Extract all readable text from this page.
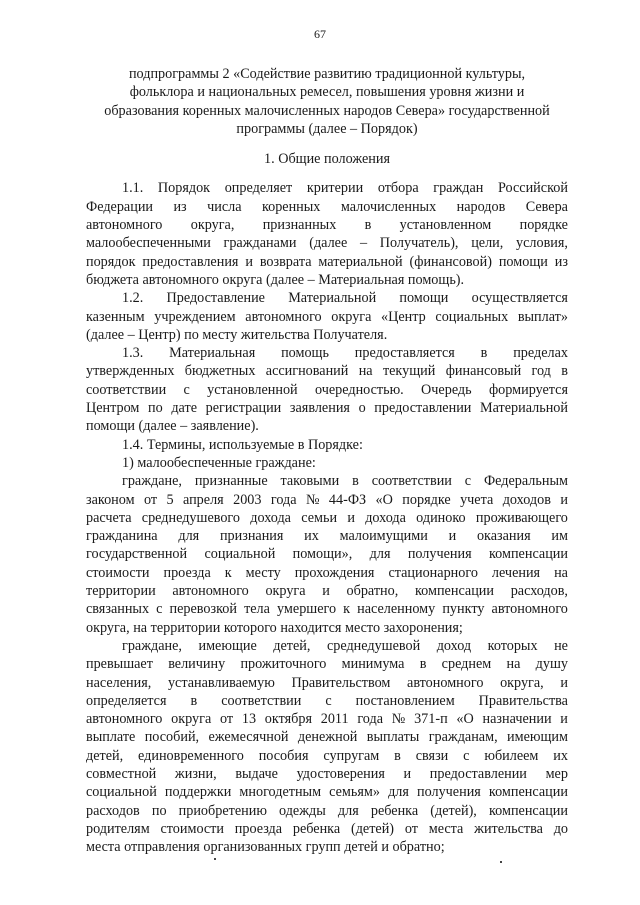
67
подпрограммы 2 «Содействие развитию традиционной культуры,
фольклора и национальных ремесел, повышения уровня жизни и
образования коренных малочисленных народов Севера» государственной
программы (далее – Порядок)
1. Общие положения
1.1. Порядок определяет критерии отбора граждан Российской
Федерации из числа коренных малочисленных народов Севера
автономного округа, признанных в установленном порядке
малообеспеченными гражданами (далее – Получатель), цели, условия,
порядок предоставления и возврата материальной (финансовой) помощи из
бюджета автономного округа (далее – Материальная помощь).
1.2. Предоставление Материальной помощи осуществляется
казенным учреждением автономного округа «Центр социальных выплат»
(далее – Центр) по месту жительства Получателя.
1.3. Материальная помощь предоставляется в пределах
утвержденных бюджетных ассигнований на текущий финансовый год в
соответствии с установленной очередностью. Очередь формируется
Центром по дате регистрации заявления о предоставлении Материальной
помощи (далее – заявление).
1.4. Термины, используемые в Порядке:
1) малообеспеченные граждане:
граждане, признанные таковыми в соответствии с Федеральным
законом от 5 апреля 2003 года № 44-ФЗ «О порядке учета доходов и
расчета среднедушевого дохода семьи и дохода одиноко проживающего
гражданина для признания их малоимущими и оказания им
государственной социальной помощи», для получения компенсации
стоимости проезда к месту прохождения стационарного лечения на
территории автономного округа и обратно, компенсации расходов,
связанных с перевозкой тела умершего к населенному пункту автономного
округа, на территории которого находится место захоронения;
граждане, имеющие детей, среднедушевой доход которых не
превышает величину прожиточного минимума в среднем на душу
населения, устанавливаемую Правительством автономного округа, и
определяется в соответствии с постановлением Правительства
автономного округа от 13 октября 2011 года № 371-п «О назначении и
выплате пособий, ежемесячной денежной выплаты гражданам, имеющим
детей, единовременного пособия супругам в связи с юбилеем их
совместной жизни, выдаче удостоверения и предоставлении мер
социальной поддержки многодетным семьям» для получения компенсации
расходов по приобретению одежды для ребенка (детей), компенсации
родителям стоимости проезда ребенка (детей) от места жительства до
места отправления организованных групп детей и обратно;
